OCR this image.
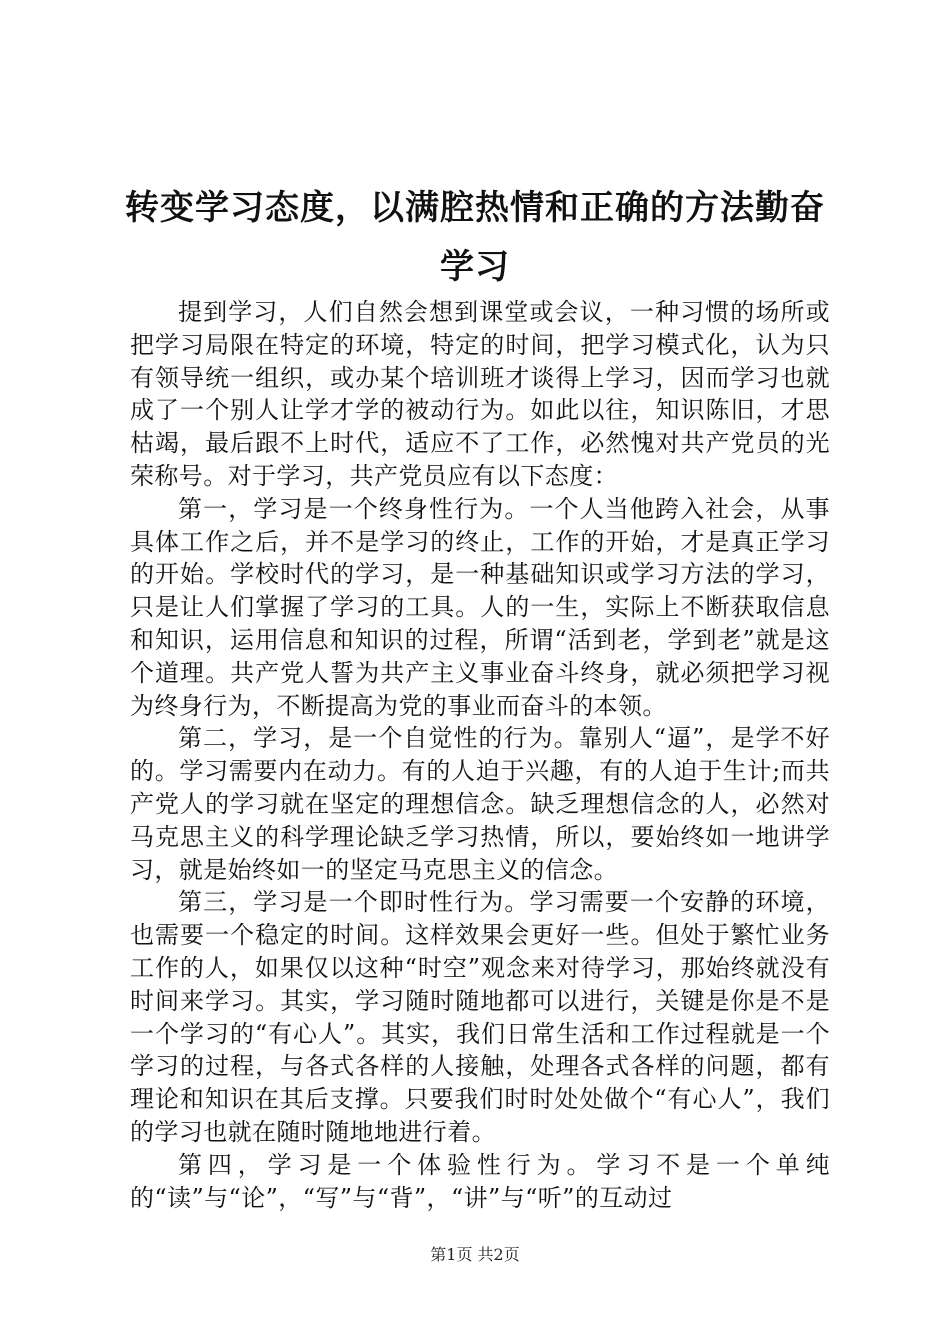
转变学习态度，以满腔热情和正确的方法勤奋
学习

提到学习，人们自然会想到课堂或会议，一种习惯的场所或把学习局限在特定的环境，特定的时间，把学习模式化，认为只有领导统一组织，或办某个培训班才谈得上学习，因而学习也就成了一个别人让学才学的被动行为。如此以往，知识陈旧，才思枯竭，最后跟不上时代，适应不了工作，必然愧对共产党员的光荣称号。对于学习，共产党员应有以下态度：

第一，学习是一个终身性行为。一个人当他跨入社会，从事具体工作之后，并不是学习的终止，工作的开始，才是真正学习的开始。学校时代的学习，是一种基础知识或学习方法的学习，只是让人们掌握了学习的工具。人的一生，实际上不断获取信息和知识，运用信息和知识的过程，所谓“活到老，学到老”就是这个道理。共产党人誓为共产主义事业奋斗终身，就必须把学习视为终身行为，不断提高为党的事业而奋斗的本领。

第二，学习，是一个自觉性的行为。靠别人“逼”，是学不好的。学习需要内在动力。有的人迫于兴趣，有的人迫于生计;而共产党人的学习就在坚定的理想信念。缺乏理想信念的人，必然对马克思主义的科学理论缺乏学习热情，所以，要始终如一地讲学习，就是始终如一的坚定马克思主义的信念。

第三，学习是一个即时性行为。学习需要一个安静的环境，也需要一个稳定的时间。这样效果会更好一些。但处于繁忙业务工作的人，如果仅以这种“时空”观念来对待学习，那始终就没有时间来学习。其实，学习随时随地都可以进行，关键是你是不是一个学习的“有心人”。其实，我们日常生活和工作过程就是一个学习的过程，与各式各样的人接触，处理各式各样的问题，都有理论和知识在其后支撑。只要我们时时处处做个“有心人”，我们的学习也就在随时随地地进行着。

第四，学习是一个体验性行为。学习不是一个单纯的“读”与“论”，“写”与“背”，“讲”与“听”的互动过

第1页 共2页
